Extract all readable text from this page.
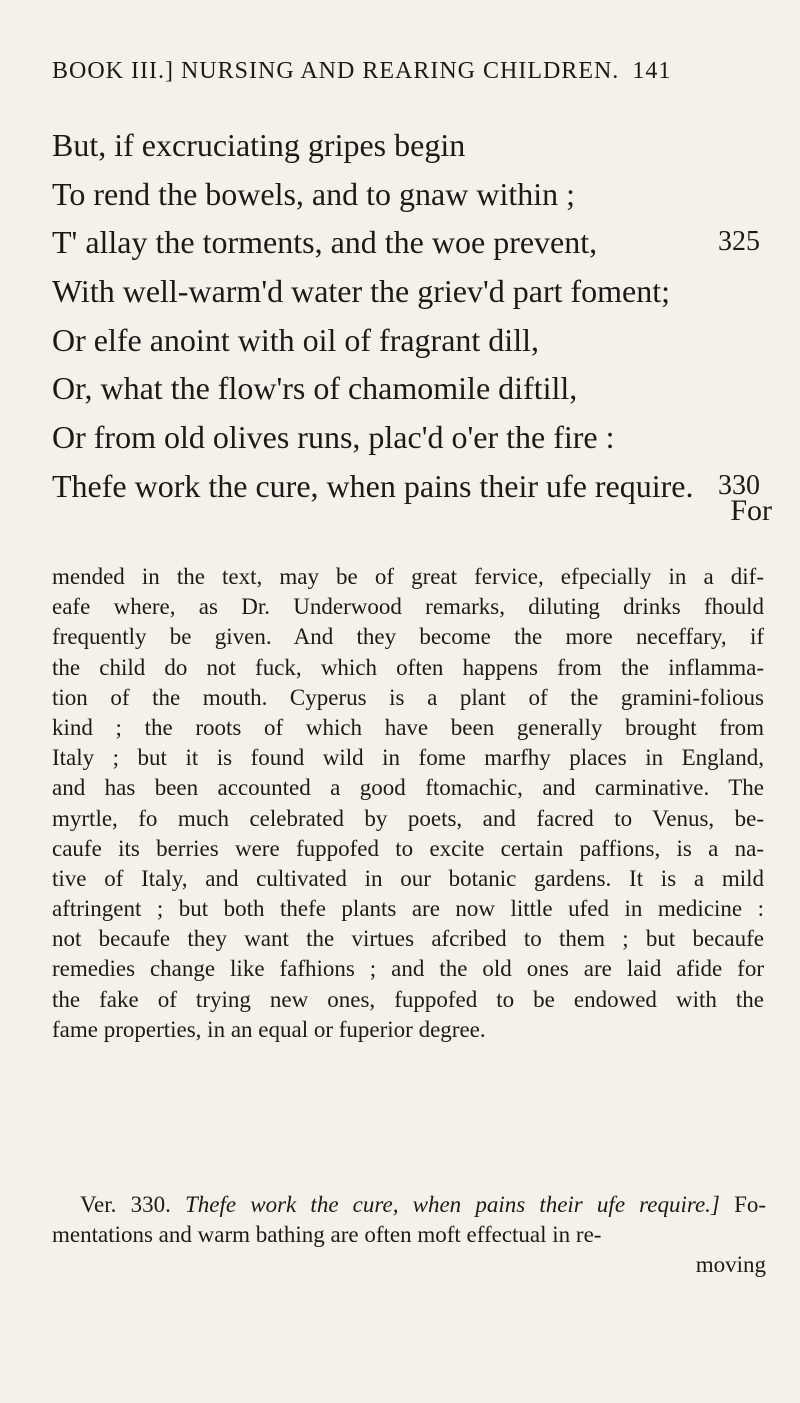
BOOK III.] NURSING AND REARING CHILDREN. 141
But, if excruciating gripes begin
To rend the bowels, and to gnaw within ;
T' allay the torments, and the woe prevent,	325
With well-warm'd water the griev'd part foment;
Or elfe anoint with oil of fragrant dill,
Or, what the flow'rs of chamomile diftill,
Or from old olives runs, plac'd o'er the fire :
Thefe work the cure, when pains their ufe require. 330
For
mended in the text, may be of great fervice, efpecially in a dif-
eafe where, as Dr. Underwood remarks, diluting drinks fhould
frequently be given. And they become the more neceffary, if
the child do not fuck, which often happens from the inflamma-
tion of the mouth. Cyperus is a plant of the gramini-folious
kind ; the roots of which have been generally brought from
Italy ; but it is found wild in fome marfhy places in England,
and has been accounted a good ftomachic, and carminative. The
myrtle, fo much celebrated by poets, and facred to Venus, be-
caufe its berries were fuppofed to excite certain paffions, is a na-
tive of Italy, and cultivated in our botanic gardens. It is a mild
aftringent ; but both thefe plants are now little ufed in medicine :
not becaufe they want the virtues afcribed to them ; but becaufe
remedies change like fafhions ; and the old ones are laid afide for
the fake of trying new ones, fuppofed to be endowed with the
fame properties, in an equal or fuperior degree.
Ver. 330. Thefe work the cure, when pains their ufe require.] Fo-
mentations and warm bathing are often moft effectual in re-
moving
